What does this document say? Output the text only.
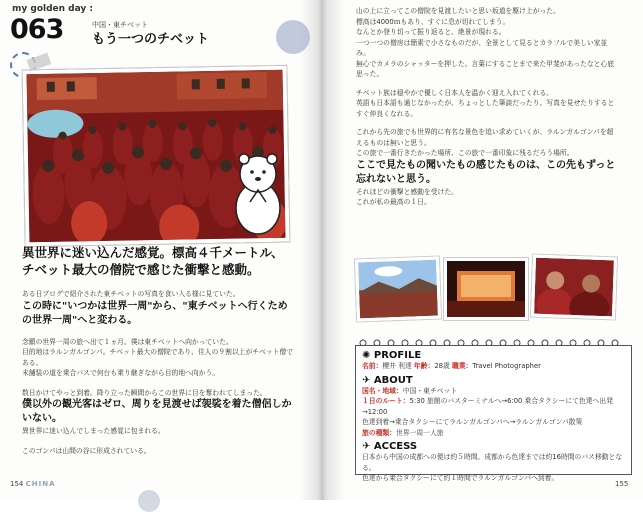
my golden day :
063	中国・東チベット
もう一つのチベット
異世界に迷い込んだ感覚。標高４千メートル、
チベット最大の僧院で感じた衝撃と感動。
ある日ブログで紹介された東チベットの写真を食い入る様に見ていた。
この時に"いつかは世界一周"から、"東チベットへ行くための世界一周"へと変わる。
念願の世界一周の旅へ出て１ヵ月。僕は東チベットへ向かっていた。
目的地はラルンガルゴンパ。チベット最大の僧院であり、住人の９割以上がチベット僧である。
未舗装の道を乗合バスで何台も乗り継ぎながら目的地へ向かう。
数日かけてやっと到着。降り立った瞬間からこの世界に目を奪われてしまった。
僕以外の観光客はゼロ、周りを見渡せば袈裟を着た僧侶しかいない。
異世界に迷い込んでしまった感覚に包まれる。
このゴンパは山間の谷に形成されている。
154 CHINA
山の上に立ってこの僧院を見渡したいと思い坂道を駆け上がった。
標高は4000ｍもあり、すぐに息が切れてしまう。
なんとか登り切って振り返ると、絶景が現れる。
一つ一つの僧房は簡素で小さなものだが、全景として見るとカラフルで美しい家並み。
無心でカメラのシャッターを押した。言葉にすることまで来た甲斐があったなと心底思った。
チベット族は穏やかで優しく日本人を温かく迎え入れてくれる。
英語も日本語も通じなかったが、ちょっとした筆談だったり、写真を見せたりするとすぐ仲良くなれる。
これから先の旅でも世界的に有名な景色を追い求めていくが、ラルンガルゴンパを超えるものは無いと思う。
この旅で一番行きたかった場所、この旅で一番印象に残るだろう場所。
ここで見たもの聞いたもの感じたものは、この先もずっと忘れないと思う。
それほどの衝撃と感動を受けた。
これが私の最高の１日。
✺ PROFILE
名前：櫻井 利達 年齢：28歳 職業：Travel Photographer
✈ ABOUT
国名・地域：中国・東チベット
１日のルート：5:30 旅館のバスターミナルへ→6:00 乗合タクシーにて色達へ出発→12:00
色達到着→乗合タクシーにてラルンガルゴンパへ→ラルンガルゴンパ散策
旅の種類：世界一周一人旅
✈ ACCESS
日本から中国の成都への便は約５時間。成都から色達までは約16時間のバス移動となる。
色達から乗合タクシーにて約１時間でラルンガルゴンパへ到着。
155
